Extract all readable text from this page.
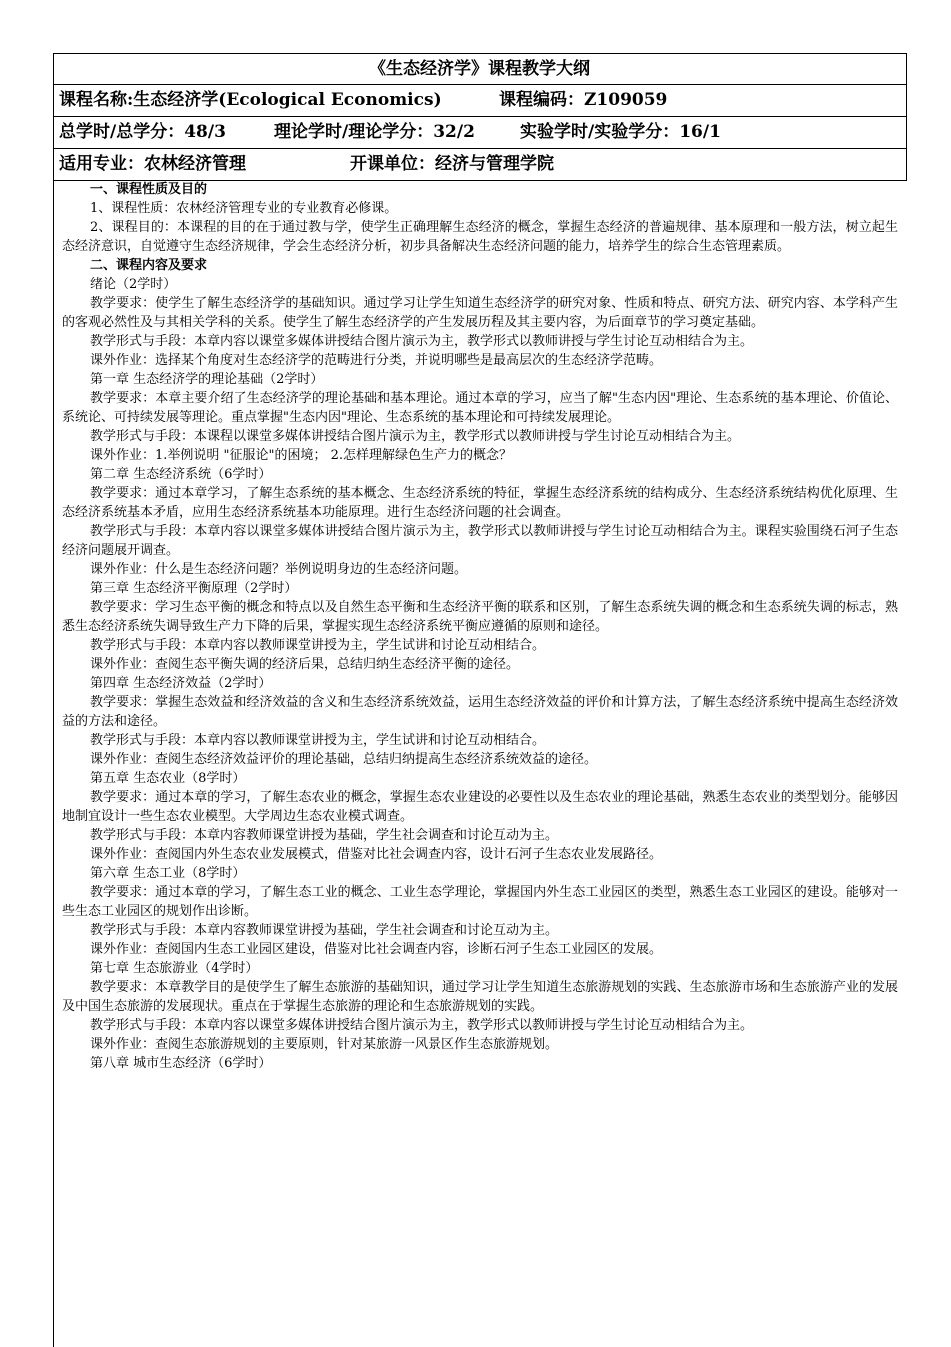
《生态经济学》课程教学大纲
课程名称:生态经济学(Ecological Economics)	课程编码：Z109059
总学时/总学分：48/3	理论学时/理论学分：32/2	实验学时/实验学分：16/1
适用专业：农林经济管理	开课单位：经济与管理学院

一、课程性质及目的

1、课程性质：农林经济管理专业的专业教育必修课。

2、课程目的：本课程的目的在于通过教与学，使学生正确理解生态经济的概念，掌握生态经济的普遍规律、基本原理和一般方法，树立起生态经济意识，自觉遵守生态经济规律，学会生态经济分析，初步具备解决生态经济问题的能力，培养学生的综合生态管理素质。

二、课程内容及要求

绪论（2学时）

教学要求：使学生了解生态经济学的基础知识。通过学习让学生知道生态经济学的研究对象、性质和特点、研究方法、研究内容、本学科产生的客观必然性及与其相关学科的关系。使学生了解生态经济学的产生发展历程及其主要内容，为后面章节的学习奠定基础。

教学形式与手段：本章内容以课堂多媒体讲授结合图片演示为主，教学形式以教师讲授与学生讨论互动相结合为主。

课外作业：选择某个角度对生态经济学的范畴进行分类，并说明哪些是最高层次的生态经济学范畴。

第一章 生态经济学的理论基础（2学时）

教学要求：本章主要介绍了生态经济学的理论基础和基本理论。通过本章的学习，应当了解"生态内因"理论、生态系统的基本理论、价值论、系统论、可持续发展等理论。重点掌握"生态内因"理论、生态系统的基本理论和可持续发展理论。

教学形式与手段：本课程以课堂多媒体讲授结合图片演示为主，教学形式以教师讲授与学生讨论互动相结合为主。

课外作业：1.举例说明 "征服论"的困境； 2.怎样理解绿色生产力的概念？

第二章 生态经济系统（6学时）

教学要求：通过本章学习，了解生态系统的基本概念、生态经济系统的特征，掌握生态经济系统的结构成分、生态经济系统结构优化原理、生态经济系统基本矛盾，应用生态经济系统基本功能原理。进行生态经济问题的社会调查。

教学形式与手段：本章内容以课堂多媒体讲授结合图片演示为主，教学形式以教师讲授与学生讨论互动相结合为主。课程实验围绕石河子生态经济问题展开调查。

课外作业：什么是生态经济问题？举例说明身边的生态经济问题。

第三章 生态经济平衡原理（2学时）

教学要求：学习生态平衡的概念和特点以及自然生态平衡和生态经济平衡的联系和区别，了解生态系统失调的概念和生态系统失调的标志，熟悉生态经济系统失调导致生产力下降的后果，掌握实现生态经济系统平衡应遵循的原则和途径。

教学形式与手段：本章内容以教师课堂讲授为主，学生试讲和讨论互动相结合。

课外作业：查阅生态平衡失调的经济后果，总结归纳生态经济平衡的途径。

第四章 生态经济效益（2学时）

教学要求：掌握生态效益和经济效益的含义和生态经济系统效益，运用生态经济效益的评价和计算方法，了解生态经济系统中提高生态经济效益的方法和途径。

教学形式与手段：本章内容以教师课堂讲授为主，学生试讲和讨论互动相结合。

课外作业：查阅生态经济效益评价的理论基础，总结归纳提高生态经济系统效益的途径。

第五章 生态农业（8学时）

教学要求：通过本章的学习，了解生态农业的概念，掌握生态农业建设的必要性以及生态农业的理论基础，熟悉生态农业的类型划分。能够因地制宜设计一些生态农业模型。大学周边生态农业模式调查。

教学形式与手段：本章内容教师课堂讲授为基础，学生社会调查和讨论互动为主。

课外作业：查阅国内外生态农业发展模式，借鉴对比社会调查内容，设计石河子生态农业发展路径。

第六章 生态工业（8学时）

教学要求：通过本章的学习，了解生态工业的概念、工业生态学理论，掌握国内外生态工业园区的类型，熟悉生态工业园区的建设。能够对一些生态工业园区的规划作出诊断。

教学形式与手段：本章内容教师课堂讲授为基础，学生社会调查和讨论互动为主。

课外作业：查阅国内生态工业园区建设，借鉴对比社会调查内容，诊断石河子生态工业园区的发展。

第七章 生态旅游业（4学时）

教学要求：本章教学目的是使学生了解生态旅游的基础知识，通过学习让学生知道生态旅游规划的实践、生态旅游市场和生态旅游产业的发展及中国生态旅游的发展现状。重点在于掌握生态旅游的理论和生态旅游规划的实践。

教学形式与手段：本章内容以课堂多媒体讲授结合图片演示为主，教学形式以教师讲授与学生讨论互动相结合为主。

课外作业：查阅生态旅游规划的主要原则，针对某旅游一风景区作生态旅游规划。

第八章 城市生态经济（6学时）
